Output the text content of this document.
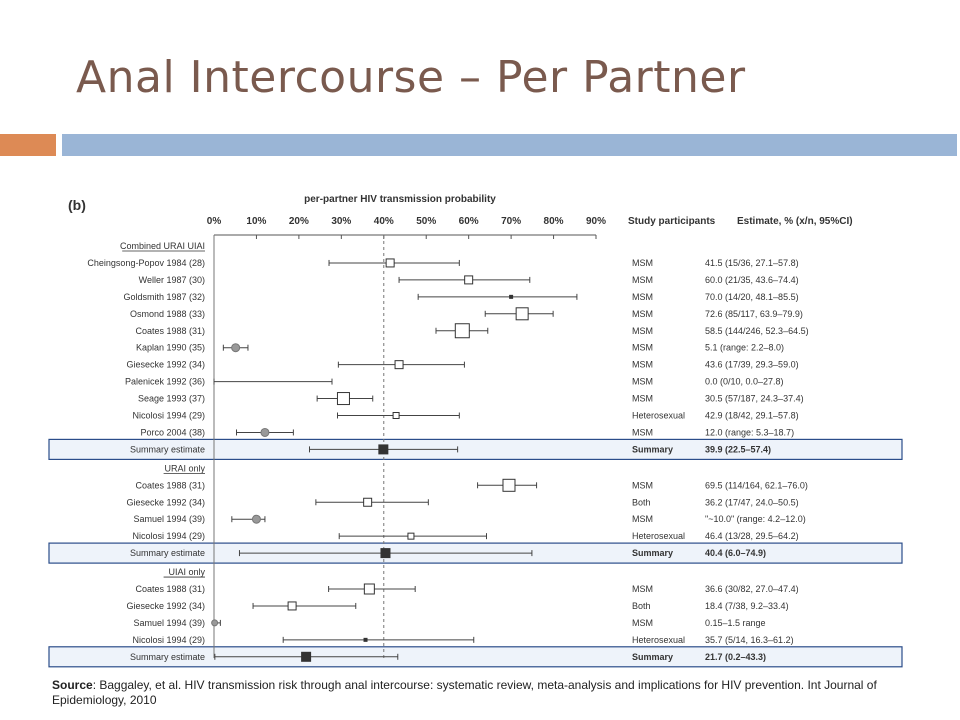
Anal Intercourse – Per Partner
(b)	per-partner HIV transmission probability
Study participants Estimate, % (x/n, 95%CI)
0%	10% 20% 30% 40% 50% 60% 70% 80% 90%
Combined URAI UIAI
Cheingsong-Popov 1984 (28)	MSM	41.5 (15/36, 27.1–57.8)
Weller 1987 (30)	MSM	60.0 (21/35, 43.6–74.4)
Goldsmith 1987 (32)	MSM	70.0 (14/20, 48.1–85.5)
Osmond 1988 (33)	MSM	72.6 (85/117, 63.9–79.9)
Coates 1988 (31)	MSM	58.5 (144/246, 52.3–64.5)
Kaplan 1990 (35)	MSM	5.1 (range: 2.2–8.0)
Giesecke 1992 (34)	MSM	43.6 (17/39, 29.3–59.0)
Palenicek 1992 (36)	MSM	0.0 (0/10, 0.0–27.8)
Seage 1993 (37)	MSM	30.5 (57/187, 24.3–37.4)
Nicolosi 1994 (29)	Heterosexual 42.9 (18/42, 29.1–57.8)
Porco 2004 (38)	MSM	12.0 (range: 5.3–18.7)
Summary estimate	Summary	39.9 (22.5–57.4)
URAI only
Coates 1988 (31)	MSM	69.5 (114/164, 62.1–76.0)
Giesecke 1992 (34)	Both	36.2 (17/47, 24.0–50.5)
Samuel 1994 (39)	MSM	"~10.0" (range: 4.2–12.0)
Nicolosi 1994 (29)	Heterosexual 46.4 (13/28, 29.5–64.2)
Summary estimate	Summary	40.4 (6.0–74.9)
UIAI only
Coates 1988 (31)	MSM	36.6 (30/82, 27.0–47.4)
Giesecke 1992 (34)	Both	18.4 (7/38, 9.2–33.4)
Samuel 1994 (39)	MSM	0.15–1.5 range
Nicolosi 1994 (29)	Heterosexual 35.7 (5/14, 16.3–61.2)
Summary estimate	Summary	21.7 (0.2–43.3)
Source: Baggaley, et al. HIV transmission risk through anal intercourse: systematic review, meta-analysis and implications for HIV prevention. Int Journal of Epidemiology, 2010
